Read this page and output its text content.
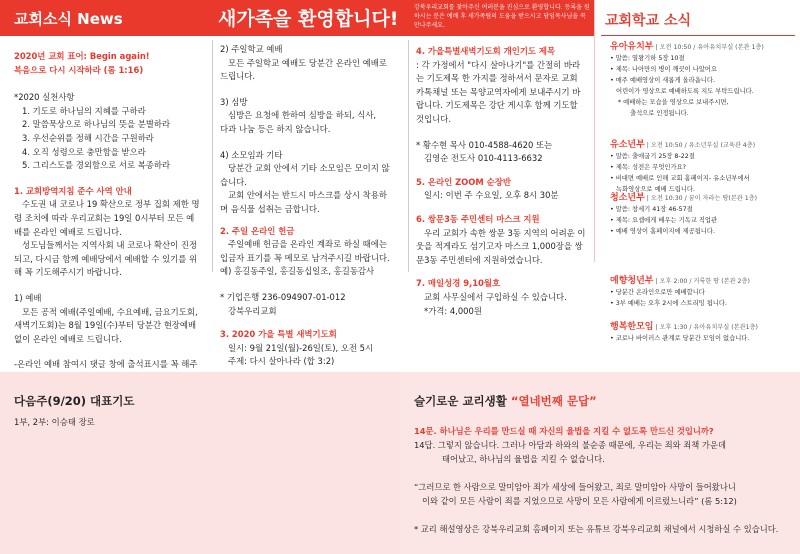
교회소식 News	새가족을 환영합니다!
강북우리교회를 찾아주신 여러분을 진심으로 환영합니다. 등록을 원하시는 분은 예배 후 새가족팀의 도움을 받으시고 담임목사님을 꼭 만나주세요.
2020년 교회 표어: Begin again!
복음으로 다시 시작하라 (롬 1:16)
*2020 실천사항
1. 기도로 하나님의 지혜를 구하라
2. 말씀묵상으로 하나님의 뜻을 분별하라
3. 우선순위를 정해 시간을 구원하라
4. 오직 성령으로 충만함을 받으라
5. 그리스도를 경외함으로 서로 복종하라
1. 교회방역지침 준수 사역 안내
수도권 내 코로나 19 확산으로 정부 집회 제한 명
령 조치에 따라 우리교회는 19일 0시부터 모든 예
배를 온라인 예배로 드립니다.
성도님들께서는 지역사회 내 코로나 확산이 진정
되고, 다시금 함께 예배당에서 예배할 수 있기를 위
해 꼭 기도해주시기 바랍니다.
1) 예배
모든 공적 예배(주일예배, 수요예배, 금요기도회,
새벽기도회)는 8월 19일(수)부터 당분간 현장예배
없이 온라인 예배로 드립니다.
-온라인 예배 참여시 댓글 창에 출석표시를 꼭 해주
2) 주일학교 예배
모든 주일학교 예배도 당분간 온라인 예배로
드립니다.
3) 심방
심방은 요청에 한하여 심방을 하되, 식사,
다과 나눔 등은 하지 않습니다.
4) 소모임과 기타
당분간 교회 안에서 기타 소모임은 모이지 않
습니다.
교회 안에서는 반드시 마스크를 상시 착용하
며 음식물 섭취는 금합니다.
2. 주일 온라인 헌금
주일예배 헌금을 온라인 계좌로 하실 때에는
입금자 표기를 꼭 메모로 남겨주시길 바랍니다.
예) 홍길동주일, 홍길동십일조, 홍길동감사
* 기업은행 236-094907-01-012
강북우리교회
3. 2020 가을 특별 새벽기도회
일시: 9월 21일(월)-26일(토), 오전 5시
주제: 다시 살아나라 (합 3:2)
4. 가을특별새벽기도회 개인기도 제목
: 각 가정에서 "다시 살아나기"를 간절히 바라
는 기도제목 한 가지를 정하셔서 문자로 교회
카톡채널 또는 목양교역자에게 보내주시기 바
랍니다. 기도제목은 강단 게시후 함께 기도할
것입니다.
* 황수현 목사 010-4588-4620 또는
김영순 전도사 010-4113-6632
5. 온라인 ZOOM 순장반
일시: 이번 주 수요일, 오후 8시 30분
6. 쌍문3동 주민센터 마스크 지원
우리 교회가 속한 쌍문 3동 지역의 어려운 이
웃을 적게라도 섬기고자 마스크 1,000장을 쌍
문3동 주민센터에 지원하였습니다.
7. 매일성경 9,10월호
교회 사무실에서 구입하실 수 있습니다.
*가격: 4,000원
교회학교 소식
유아유치부 | 오전 10:50 / 유아유치부실 (본관 1층)
• 말씀: 열왕기하 5장 10절
• 제목: 나아만의 병이 깨끗이 나았어요
• 매주 예배영상이 새롭게 올라옵니다.
어린이가 영상으로 예배하도록 지도 부탁드립니다.
* 예배하는 모습을 영상으로 보내주시면,
출석으로 인정됩니다.
유소년부 | 오전 10:50 / 유소년부실 (교육관 4층)
• 말씀: 출애굽기 25장 8-22절
• 제목: 성전은 무엇인가요?
• 비대면 예배로 인해 교회 홈페이지- 유소년부에서
녹화영상으로 예배 드립니다.
청소년부 | 오전 10:30 / 꿈이 자라는 땅(본관 1층)
• 말씀: 창세기 41장 46-57절
• 제목: 요셉에게 배우는 기독교 직업관
• 예배 영상이 홈페이지에 제공됩니다.
예향청년부 | 오후 2:00 / 거룩한 땅 (본관 2층)
• 당분간 온라인으로만 예배합니다
• 3부 예배는 오후 2시에 스트리밍 됩니다.
행복한모임 | 오후 1:30 / 유아유치부실 (본관1층)
• 코로나 바이러스 관계로 당분간 모임이 없습니다.
다음주(9/20) 대표기도
1부, 2부: 이승태 장로
슬기로운 교리생활 “열네번째 문답”
14문. 하나님은 우리를 만드실 때 자신의 율법을 지킬 수 없도록 만드신 것입니까?
14답. 그렇지 않습니다. 그러나 아담과 하와의 불순종 때문에, 우리는 죄와 죄책 가운데
태어났고, 하나님의 율법을 지킬 수 없습니다.
“그러므로 한 사람으로 말미암아 죄가 세상에 들어왔고, 죄로 말미암아 사망이 들어왔나니
이와 같이 모든 사람이 죄를 지었으므로 사망이 모든 사람에게 이르렀느니라” (롬 5:12)
* 교리 해설영상은 강북우리교회 홈페이지 또는 유튜브 강북우리교회 채널에서 시청하실 수 있습니다.
